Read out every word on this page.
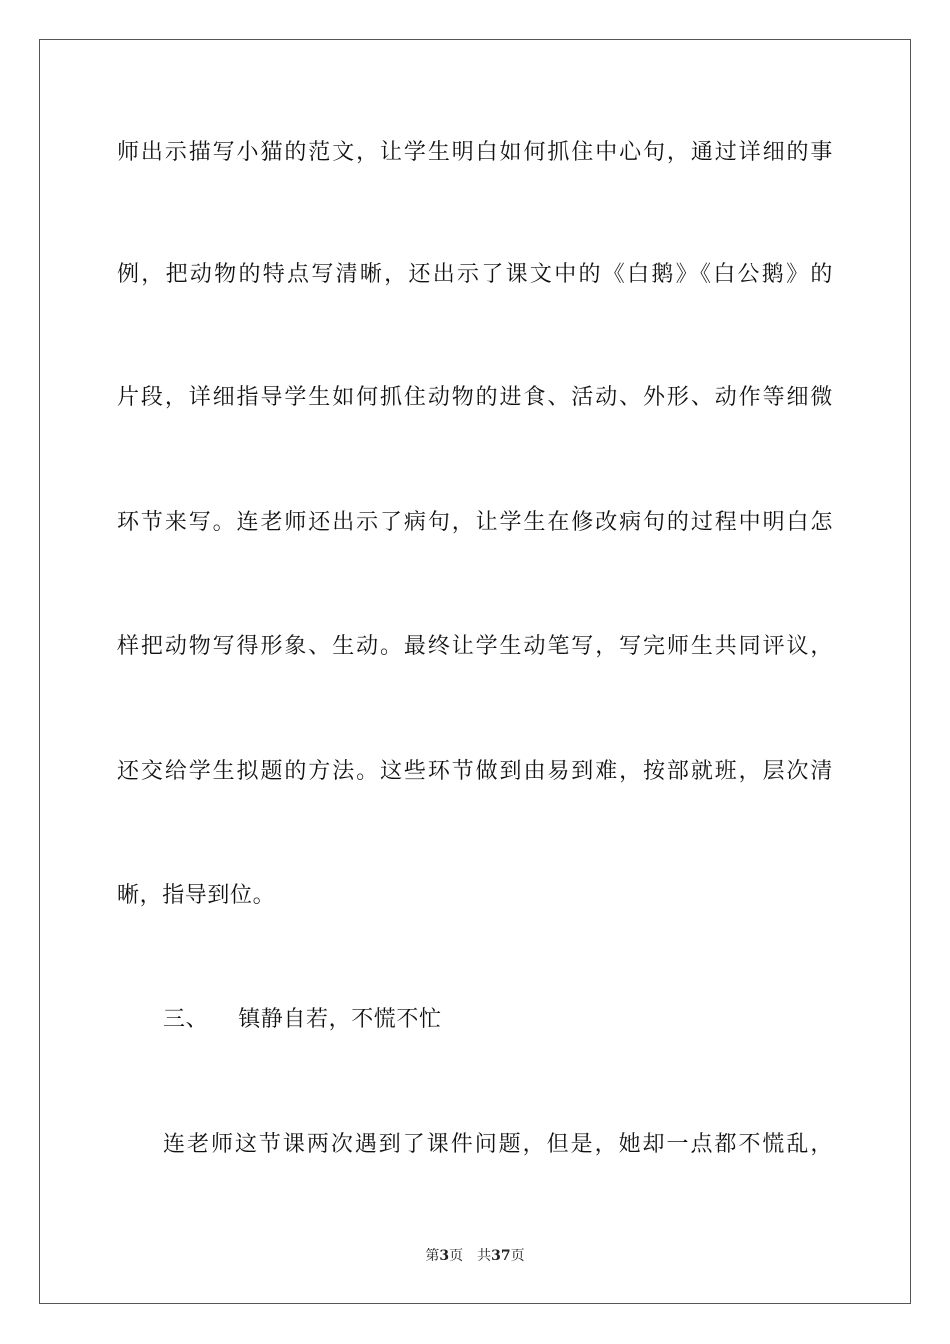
师出示描写小猫的范文，让学生明白如何抓住中心句，通过详细的事
例，把动物的特点写清晰，还出示了课文中的《白鹅》《白公鹅》的
片段，详细指导学生如何抓住动物的进食、活动、外形、动作等细微
环节来写。连老师还出示了病句，让学生在修改病句的过程中明白怎
样把动物写得形象、生动。最终让学生动笔写，写完师生共同评议，
还交给学生拟题的方法。这些环节做到由易到难，按部就班，层次清
晰，指导到位。
三、 镇静自若，不慌不忙
连老师这节课两次遇到了课件问题，但是，她却一点都不慌乱，
第3页 共37页
